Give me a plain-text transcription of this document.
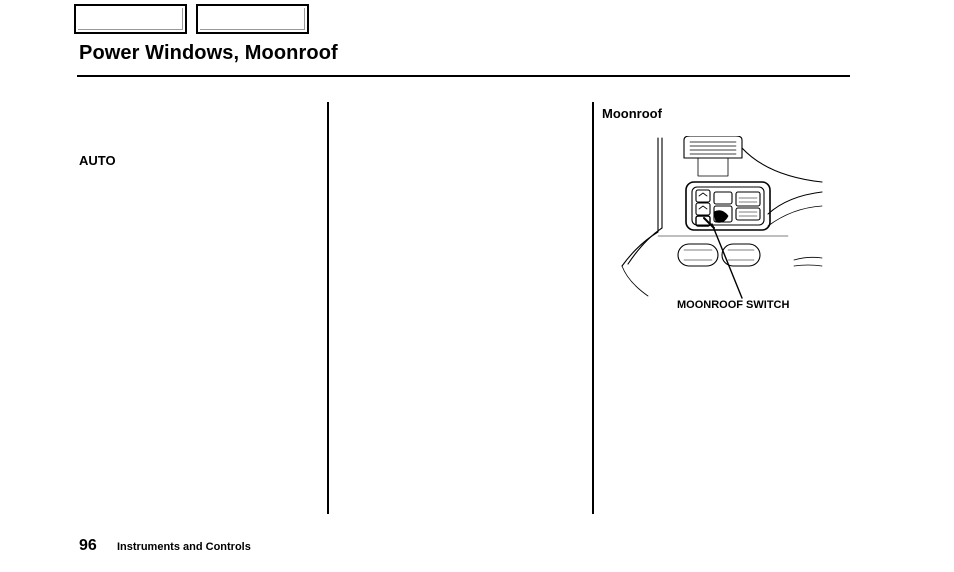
Power Windows, Moonroof
AUTO
Moonroof
MOONROOF SWITCH
96 Instruments and Controls
